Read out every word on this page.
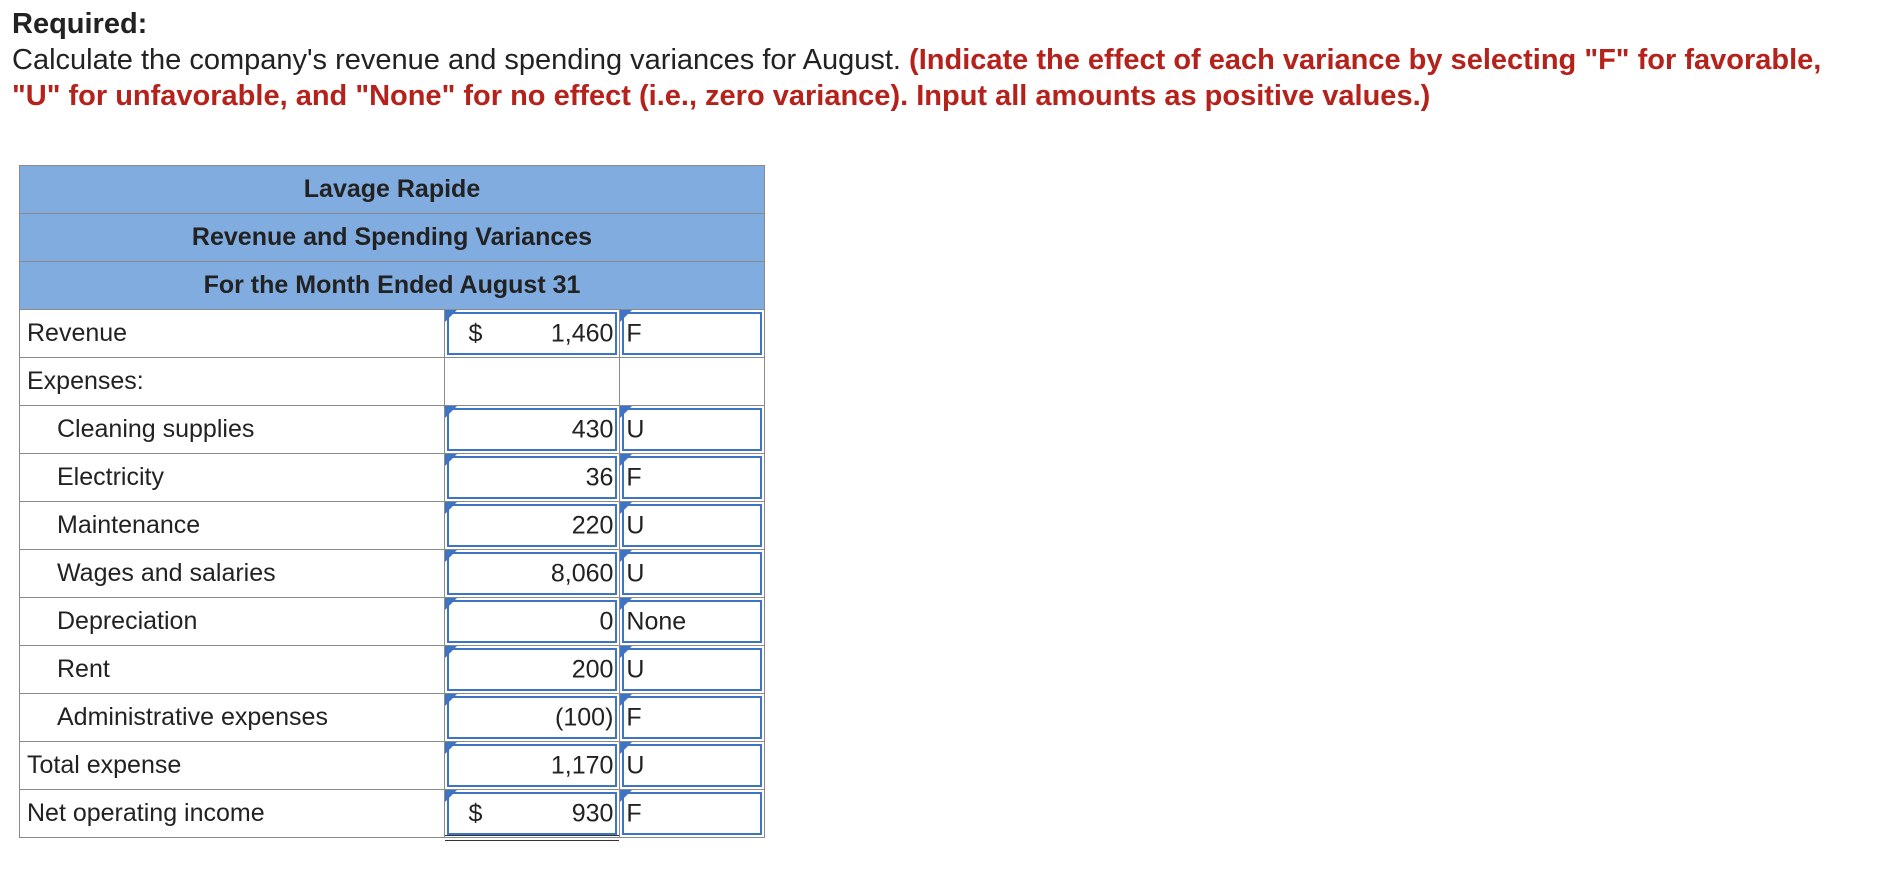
Required:

Calculate the company's revenue and spending variances for August. (Indicate the effect of each variance by selecting "F" for favorable, "U" for unfavorable, and "None" for no effect (i.e., zero variance). Input all amounts as positive values.)

Lavage Rapide		
Revenue and Spending Variances		
For the Month Ended August 31		
Revenue	$ 1,460	F

Expenses:		
Cleaning supplies	430	U

Electricity	36	F

Maintenance	220	U

Wages and salaries	8,060	U

Depreciation	0	None

Rent	200	U

Administrative expenses	(100)	F

Total expense	1,170	U

Net operating income	$ 930	F
